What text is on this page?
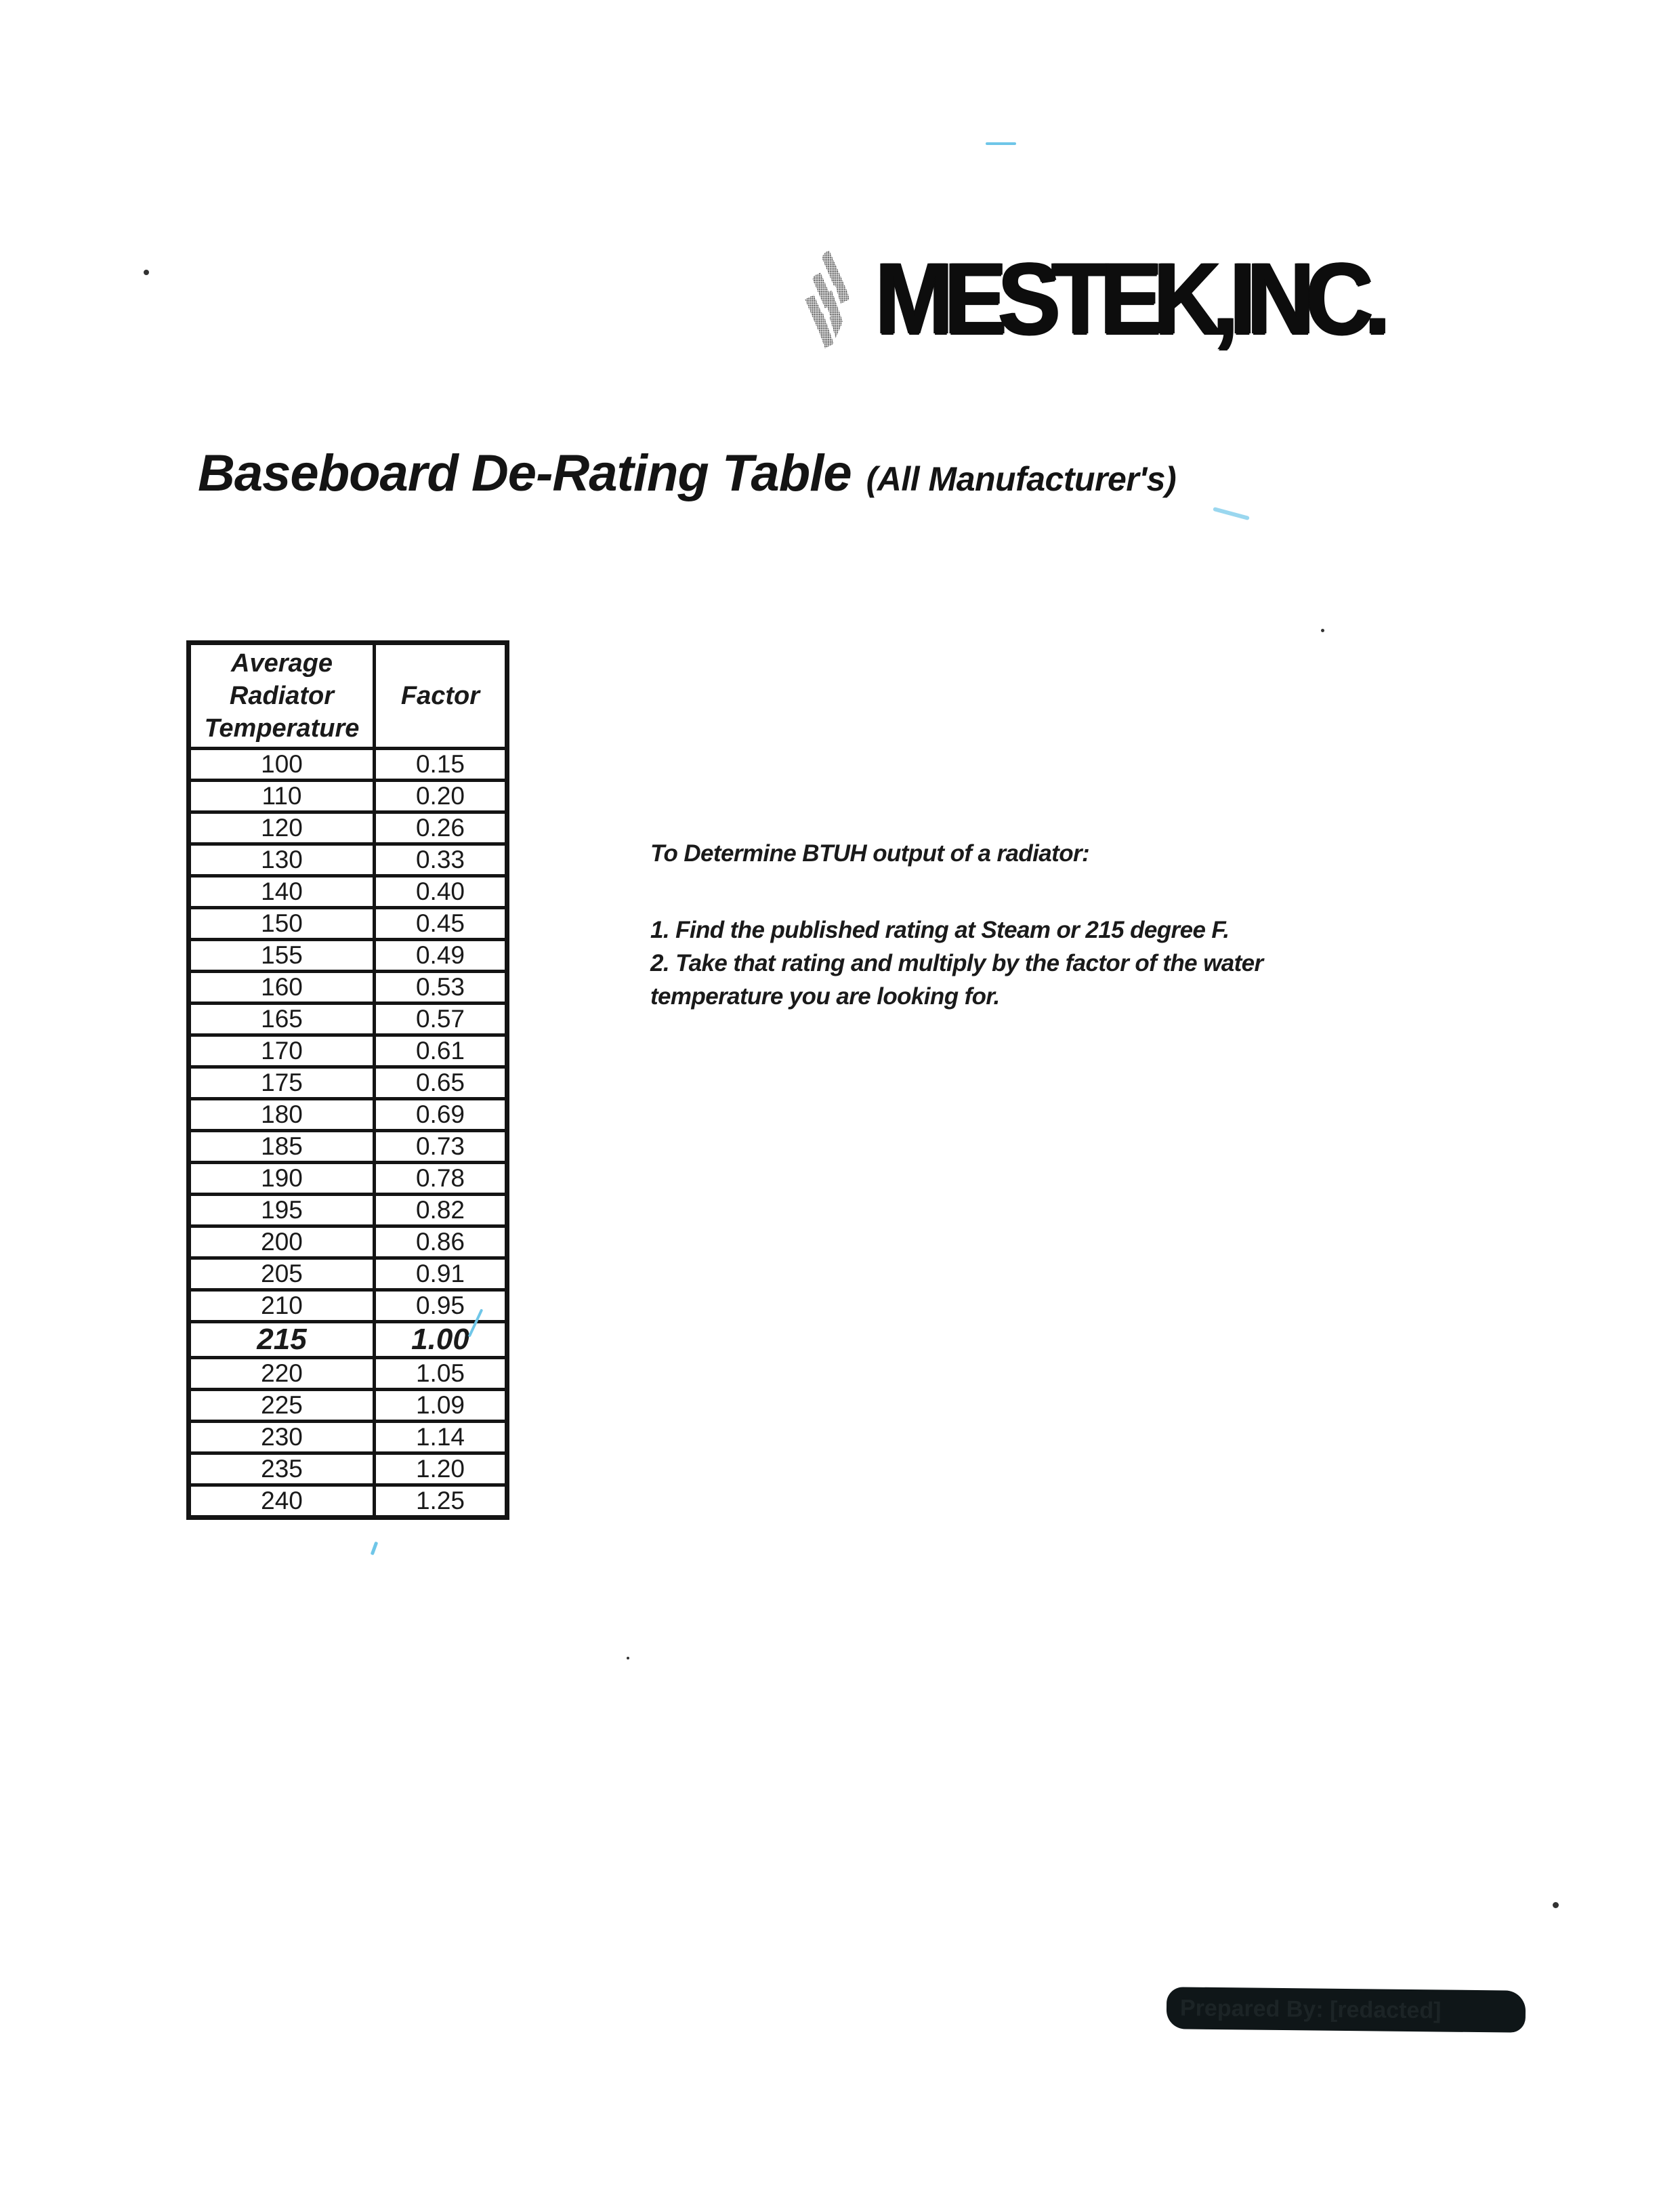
MESTEK,INC.
Baseboard De-Rating Table (All Manufacturer's)
Average Radiator Temperature	Factor
100	0.15
110	0.20
120	0.26
130	0.33
140	0.40
150	0.45
155	0.49
160	0.53
165	0.57
170	0.61
175	0.65
180	0.69
185	0.73
190	0.78
195	0.82
200	0.86
205	0.91
210	0.95
215	1.00
220	1.05
225	1.09
230	1.14
235	1.20
240	1.25

To Determine BTUH output of a radiator:

1. Find the published rating at Steam or 215 degree F.

2. Take that rating and multiply by the factor of the water temperature you are looking for.

Prepared By: [redacted]
